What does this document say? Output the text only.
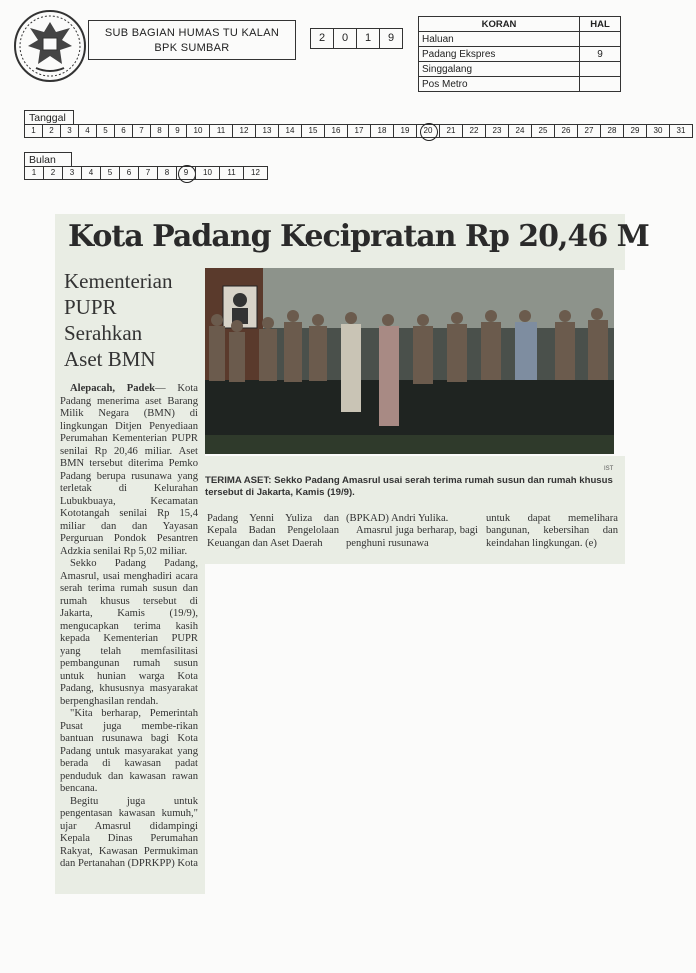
SUB BAGIAN HUMAS TU KALAN
BPK SUMBAR
2	0	1	9
KORAN	HAL
Haluan	
Padang Ekspres	9
Singgalang	
Pos Metro	
Tanggal
1	2	3	4	5	6	7	8	9	10	11	12	13	14	15	16	17	18	19	20	21	22	23	24	25	26	27	28	29	30	31
Bulan
1	2	3	4	5	6	7	8	9	10	11	12
Kota Padang Kecipratan Rp 20,46 M
Kementerian
PUPR
Serahkan
Aset BMN

Alepacah, Padek— Kota Padang menerima aset Barang Milik Negara (BMN) di lingkungan Ditjen Penyediaan Perumahan Kementerian PUPR senilai Rp 20,46 miliar. Aset BMN tersebut diterima Pemko Padang berupa rusunawa yang terletak di Kelurahan Lubukbuaya, Kecamatan Kototangah senilai Rp 15,4 miliar dan dan Yayasan Perguruan Pondok Pesantren Adzkia senilai Rp 5,02 miliar.

Sekko Padang Padang, Amasrul, usai menghadiri acara serah terima rumah susun dan rumah khusus tersebut di Jakarta, Kamis (19/9), mengucapkan terima kasih kepada Kementerian PUPR yang telah memfasilitasi pembangunan rumah susun untuk hunian warga Kota Padang, khususnya masyarakat berpenghasilan rendah.

"Kita berharap, Pemerintah Pusat juga membe-rikan bantuan rusunawa bagi Kota Padang untuk masyarakat yang berada di kawasan padat penduduk dan kawasan rawan bencana.

Begitu juga untuk pengentasan kawasan kumuh," ujar Amasrul didampingi Kepala Dinas Perumahan Rakyat, Kawasan Permukiman dan Pertanahan (DPRKPP) Kota

IST
TERIMA ASET: Sekko Padang Amasrul usai serah terima rumah susun dan rumah khusus tersebut di Jakarta, Kamis (19/9).

Padang Yenni Yuliza dan Kepala Badan Pengelolaan Keuangan dan Aset Daerah

(BPKAD) Andri Yulika.

Amasrul juga berharap, bagi penghuni rusunawa

untuk dapat memelihara bangunan, kebersihan dan keindahan lingkungan. (e)
